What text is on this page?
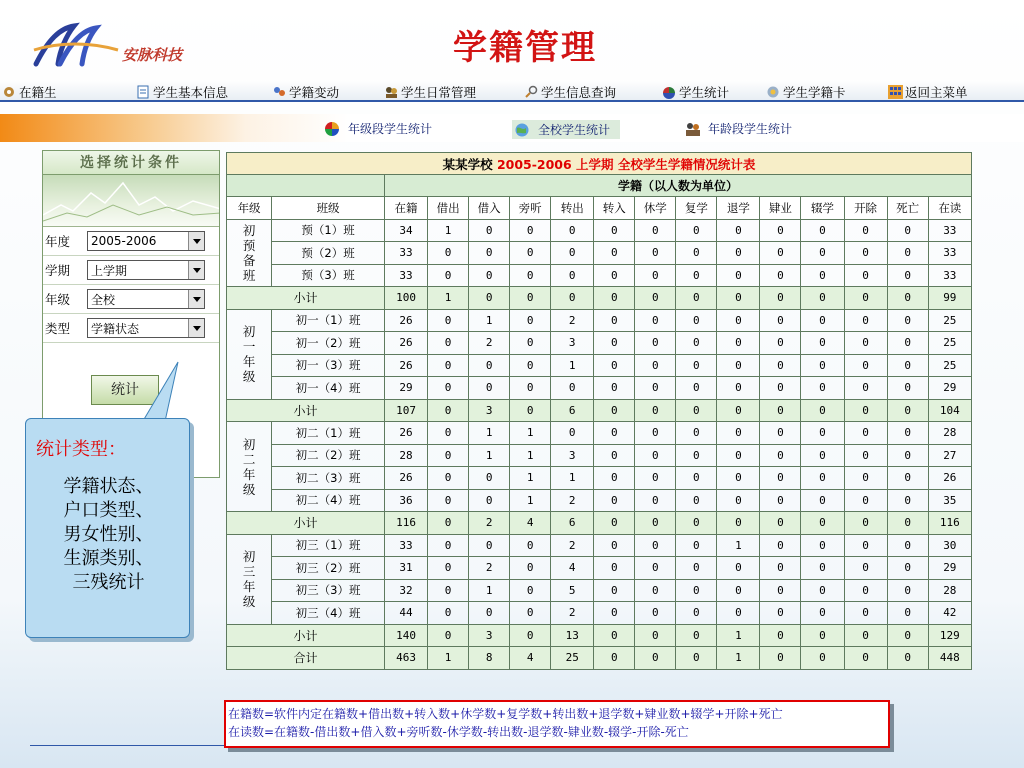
安脉科技	学籍管理
在籍生	学生基本信息	学籍变动	学生日常管理	学生信息查询	学生统计	学生学籍卡	返回主菜单
年级段学生统计	全校学生统计	年龄段学生统计
选择统计条件
年度	2005-2006
学期	上学期
年级	全校
类型	学籍状态
统计
统计类型：
学籍状态、
户口类型、
男女性别、
生源类别、
三残统计
某某学校 2005-2006 上学期 全校学生学籍情况统计表															
		学籍（以人数为单位）													
年级	班级	在籍	借出	借入	旁听	转出	转入	休学	复学	退学	肄业	辍学	开除	死亡	在读

初
预
备
班	预（1）班	34	1	0	0	0	0	0	0	0	0	0	0	0	33
	预（2）班	33	0	0	0	0	0	0	0	0	0	0	0	0	33
	预（3）班	33	0	0	0	0	0	0	0	0	0	0	0	0	33
小计		100	1	0	0	0	0	0	0	0	0	0	0	0	99

初
一
年
级	初一（1）班	26	0	1	0	2	0	0	0	0	0	0	0	0	25
	初一（2）班	26	0	2	0	3	0	0	0	0	0	0	0	0	25
	初一（3）班	26	0	0	0	1	0	0	0	0	0	0	0	0	25
	初一（4）班	29	0	0	0	0	0	0	0	0	0	0	0	0	29
小计		107	0	3	0	6	0	0	0	0	0	0	0	0	104

初
二
年
级	初二（1）班	26	0	1	1	0	0	0	0	0	0	0	0	0	28
	初二（2）班	28	0	1	1	3	0	0	0	0	0	0	0	0	27
	初二（3）班	26	0	0	1	1	0	0	0	0	0	0	0	0	26
	初二（4）班	36	0	0	1	2	0	0	0	0	0	0	0	0	35
小计		116	0	2	4	6	0	0	0	0	0	0	0	0	116

初
三
年
级	初三（1）班	33	0	0	0	2	0	0	0	1	0	0	0	0	30
	初三（2）班	31	0	2	0	4	0	0	0	0	0	0	0	0	29
	初三（3）班	32	0	1	0	5	0	0	0	0	0	0	0	0	28
	初三（4）班	44	0	0	0	2	0	0	0	0	0	0	0	0	42
小计		140	0	3	0	13	0	0	0	1	0	0	0	0	129
合计		463	1	8	4	25	0	0	0	1	0	0	0	0	448
在籍数=软件内定在籍数+借出数+转入数+休学数+复学数+转出数+退学数+肄业数+辍学+开除+死亡
在读数=在籍数-借出数+借入数+旁听数-休学数-转出数-退学数-肄业数-辍学-开除-死亡
